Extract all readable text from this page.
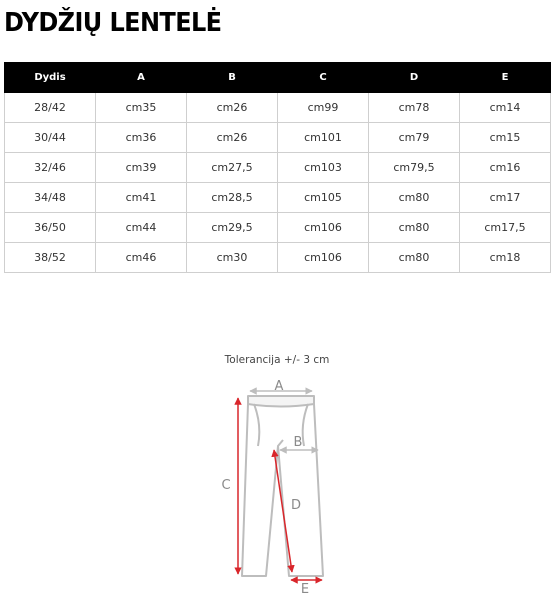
DYDŽIŲ LENTELĖ
Dydis	A	B	C	D	E
28/42	cm35	cm26	cm99	cm78	cm14
30/44	cm36	cm26	cm101	cm79	cm15
32/46	cm39	cm27,5	cm103	cm79,5	cm16
34/48	cm41	cm28,5	cm105	cm80	cm17
36/50	cm44	cm29,5	cm106	cm80	cm17,5
38/52	cm46	cm30	cm106	cm80	cm18
Tolerancija +/- 3 cm
A
B
C
D
E
